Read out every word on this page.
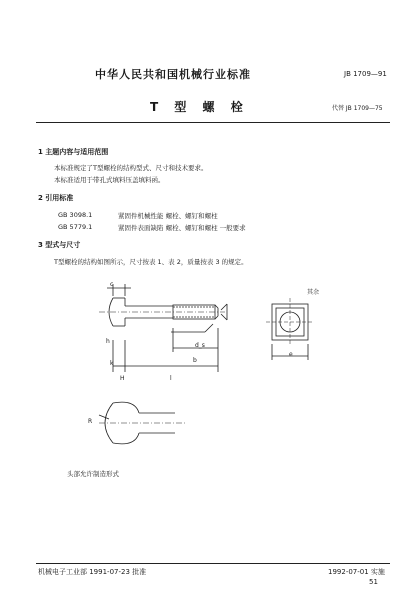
中华人民共和国机械行业标准	JB 1709—91
T 型 螺 栓	代替 JB 1709—75
1 主题内容与适用范围
本标准规定了T型螺栓的结构型式、尺寸和技术要求。
本标准适用于带孔式填料压盖填料函。
2 引用标准
GB 3098.1	紧固件机械性能 螺栓、螺钉和螺柱
GB 5779.1	紧固件表面缺陷 螺栓、螺钉和螺柱 一般要求
3 型式与尺寸
T型螺栓的结构如图所示，尺寸按表 1、表 2，质量按表 3 的规定。
c
h
d_s
b
l
H
k
其余
e
R
头部允许制造形式
机械电子工业部 1991-07-23 批准	1992-07-01 实施
51
